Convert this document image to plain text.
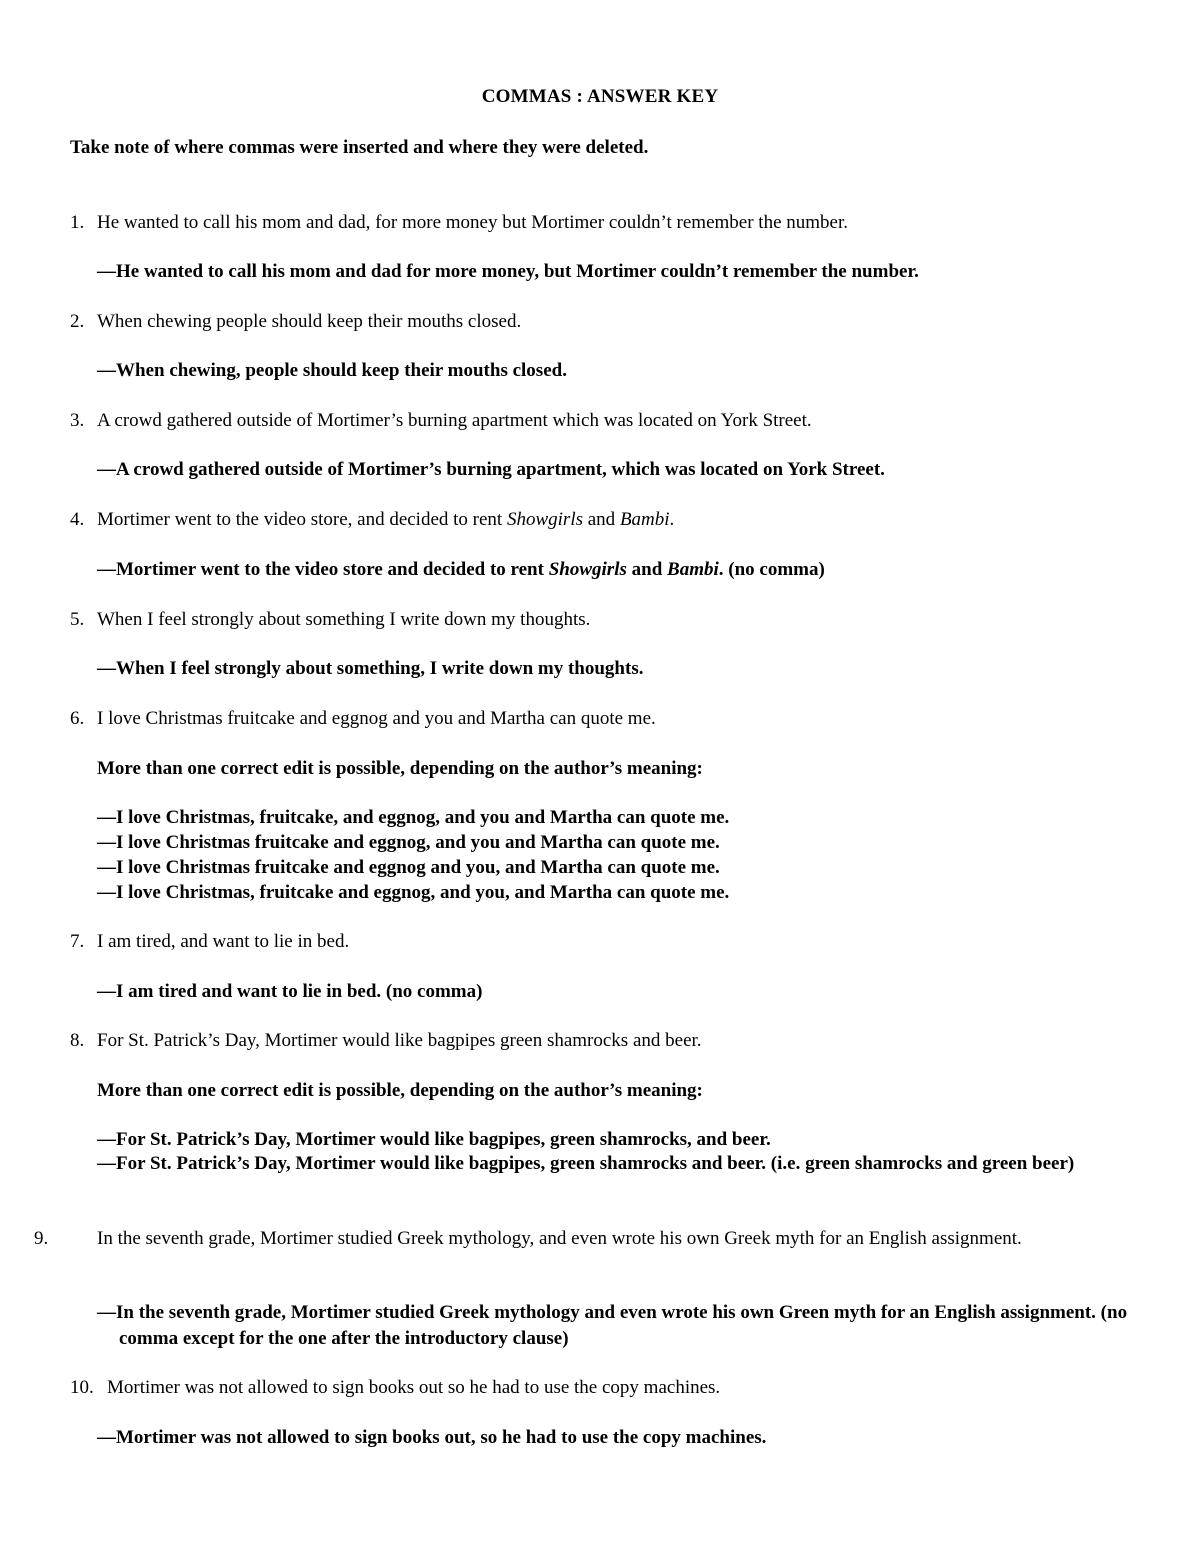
COMMAS : ANSWER KEY
Take note of where commas were inserted and where they were deleted.
1. He wanted to call his mom and dad, for more money but Mortimer couldn’t remember the number.
—He wanted to call his mom and dad for more money, but Mortimer couldn’t remember the number.
2. When chewing people should keep their mouths closed.
—When chewing, people should keep their mouths closed.
3. A crowd gathered outside of Mortimer’s burning apartment which was located on York Street.
—A crowd gathered outside of Mortimer’s burning apartment, which was located on York Street.
4. Mortimer went to the video store, and decided to rent Showgirls and Bambi.
—Mortimer went to the video store and decided to rent Showgirls and Bambi. (no comma)
5. When I feel strongly about something I write down my thoughts.
—When I feel strongly about something, I write down my thoughts.
6. I love Christmas fruitcake and eggnog and you and Martha can quote me.
More than one correct edit is possible, depending on the author’s meaning:
—I love Christmas, fruitcake, and eggnog, and you and Martha can quote me.
—I love Christmas fruitcake and eggnog, and you and Martha can quote me.
—I love Christmas fruitcake and eggnog and you, and Martha can quote me.
—I love Christmas, fruitcake and eggnog, and you, and Martha can quote me.
7. I am tired, and want to lie in bed.
—I am tired and want to lie in bed. (no comma)
8. For St. Patrick’s Day, Mortimer would like bagpipes green shamrocks and beer.
More than one correct edit is possible, depending on the author’s meaning:
—For St. Patrick’s Day, Mortimer would like bagpipes, green shamrocks, and beer.
—For St. Patrick’s Day, Mortimer would like bagpipes, green shamrocks and beer. (i.e. green shamrocks and green beer)
9.	In the seventh grade, Mortimer studied Greek mythology, and even wrote his own Greek myth for an English assignment.
—In the seventh grade, Mortimer studied Greek mythology and even wrote his own Green myth for an English assignment. (no comma except for the one after the introductory clause)
10. Mortimer was not allowed to sign books out so he had to use the copy machines.
—Mortimer was not allowed to sign books out, so he had to use the copy machines.
